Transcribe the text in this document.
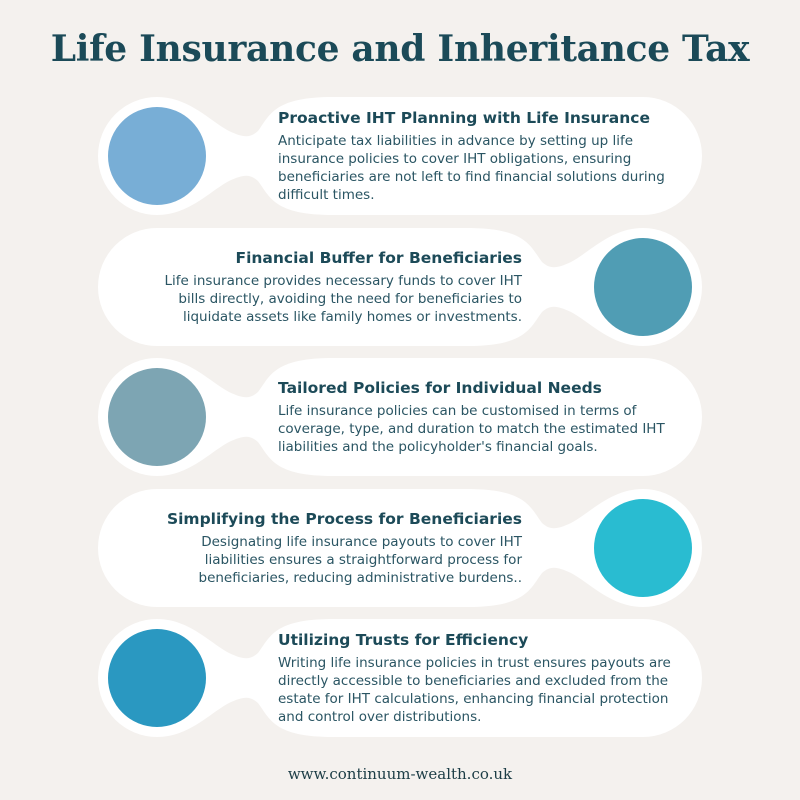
Life Insurance and Inheritance Tax
Proactive IHT Planning with Life Insurance
Anticipate tax liabilities in advance by setting up life insurance policies to cover IHT obligations, ensuring beneficiaries are not left to find financial solutions during difficult times.
Financial Buffer for Beneficiaries
Life insurance provides necessary funds to cover IHT bills directly, avoiding the need for beneficiaries to liquidate assets like family homes or investments.
Tailored Policies for Individual Needs
Life insurance policies can be customised in terms of coverage, type, and duration to match the estimated IHT liabilities and the policyholder's financial goals.
Simplifying the Process for Beneficiaries
Designating life insurance payouts to cover IHT liabilities ensures a straightforward process for beneficiaries, reducing administrative burdens..
Utilizing Trusts for Efficiency
Writing life insurance policies in trust ensures payouts are directly accessible to beneficiaries and excluded from the estate for IHT calculations, enhancing financial protection and control over distributions.
www.continuum-wealth.co.uk
